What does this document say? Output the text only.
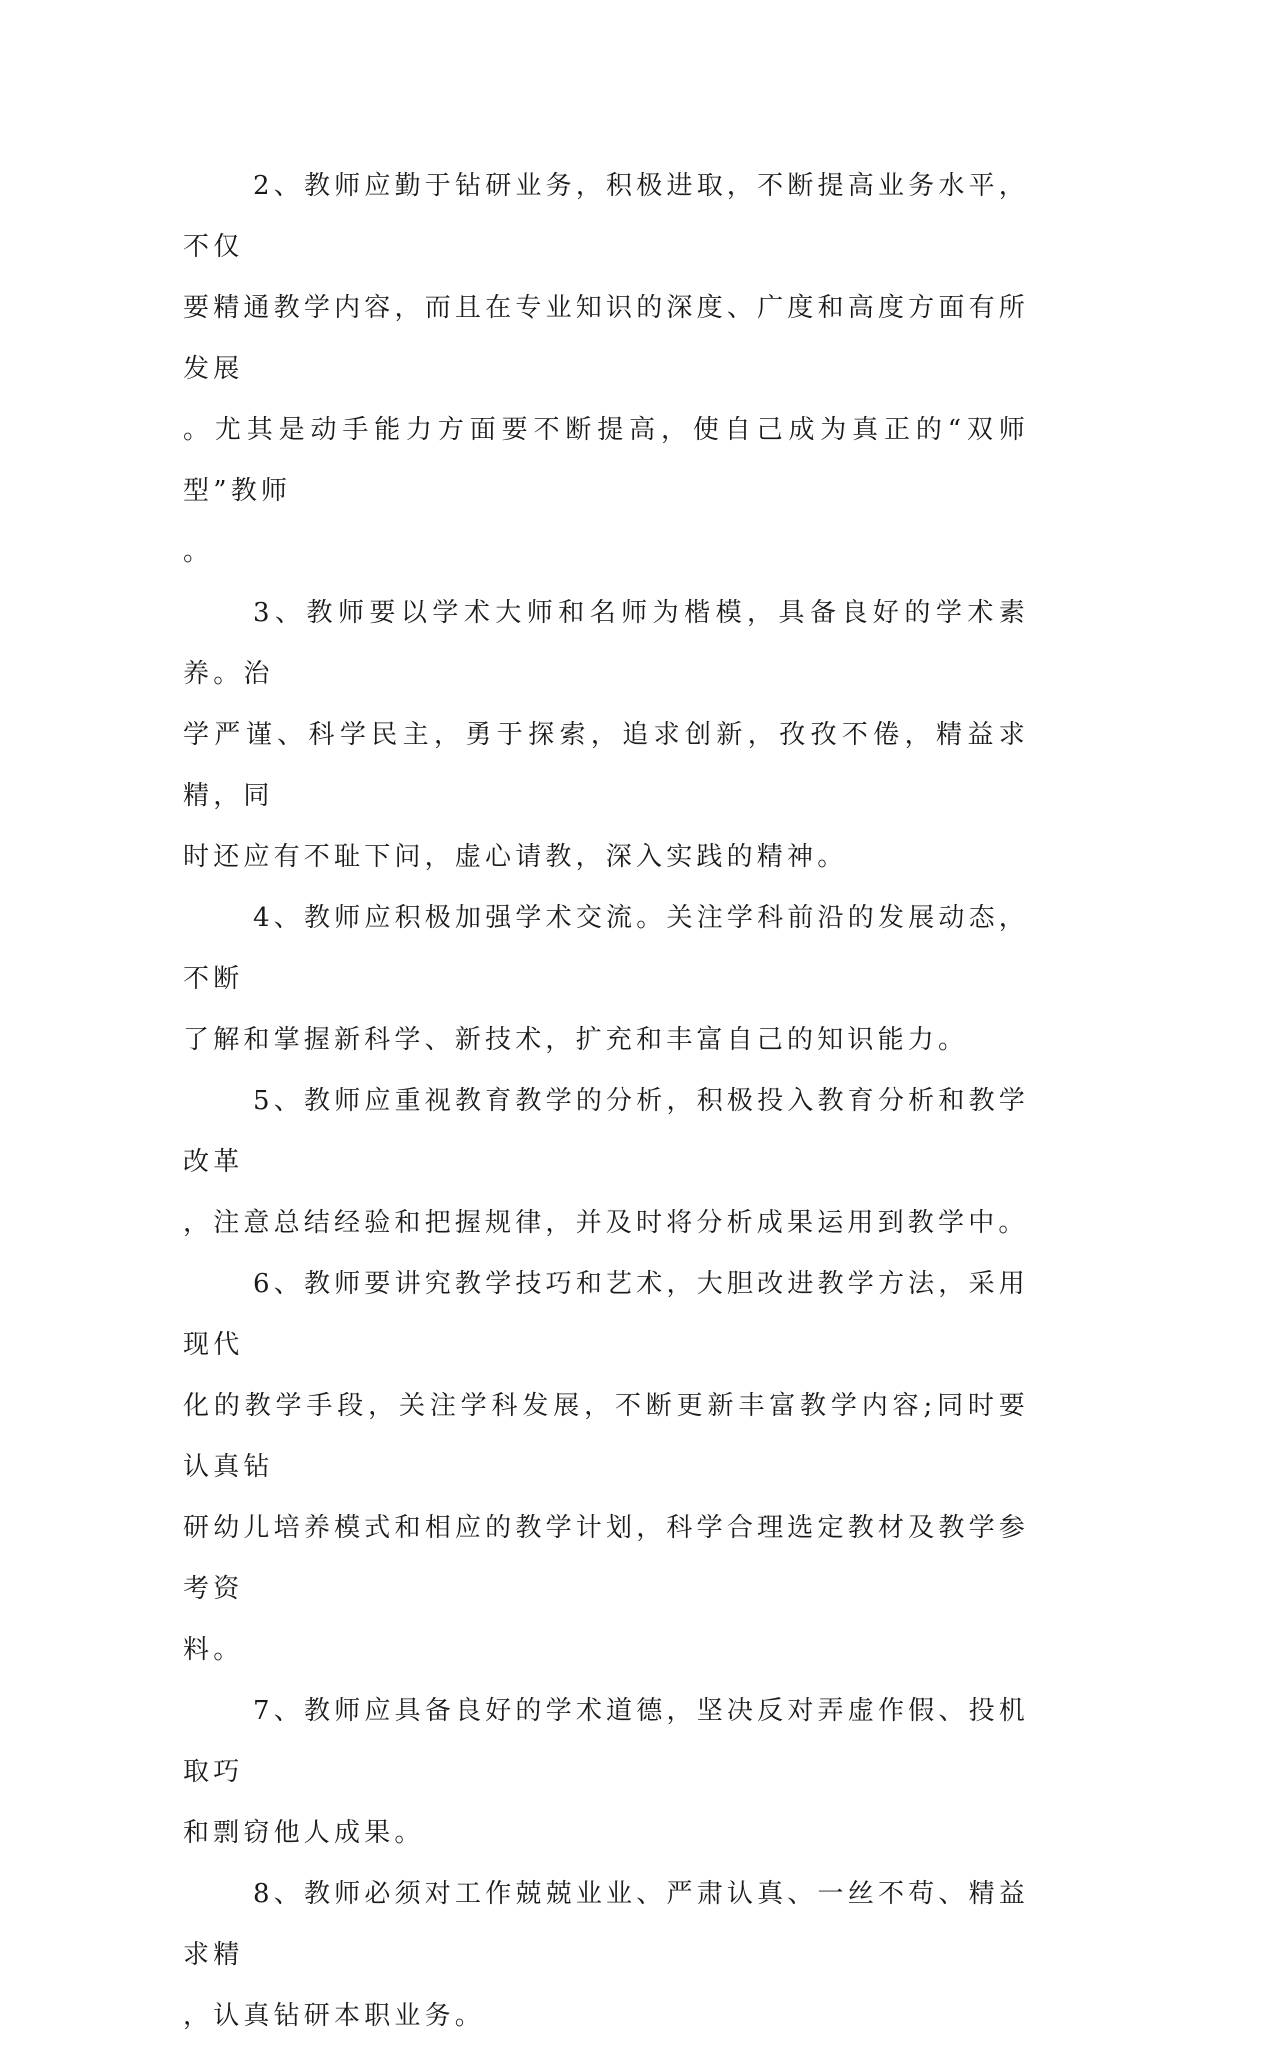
2、教师应勤于钻研业务，积极进取，不断提高业务水平，不仅
要精通教学内容，而且在专业知识的深度、广度和高度方面有所发展
。尤其是动手能力方面要不断提高，使自己成为真正的“双师型”教师
。

3、教师要以学术大师和名师为楷模，具备良好的学术素养。治
学严谨、科学民主，勇于探索，追求创新，孜孜不倦，精益求精，同
时还应有不耻下问，虚心请教，深入实践的精神。

4、教师应积极加强学术交流。关注学科前沿的发展动态，不断
了解和掌握新科学、新技术，扩充和丰富自己的知识能力。

5、教师应重视教育教学的分析，积极投入教育分析和教学改革
，注意总结经验和把握规律，并及时将分析成果运用到教学中。

6、教师要讲究教学技巧和艺术，大胆改进教学方法，采用现代
化的教学手段，关注学科发展，不断更新丰富教学内容;同时要认真钻
研幼儿培养模式和相应的教学计划，科学合理选定教材及教学参考资
料。

7、教师应具备良好的学术道德，坚决反对弄虚作假、投机取巧
和剽窃他人成果。

8、教师必须对工作兢兢业业、严肃认真、一丝不苟、精益求精
，认真钻研本职业务。
